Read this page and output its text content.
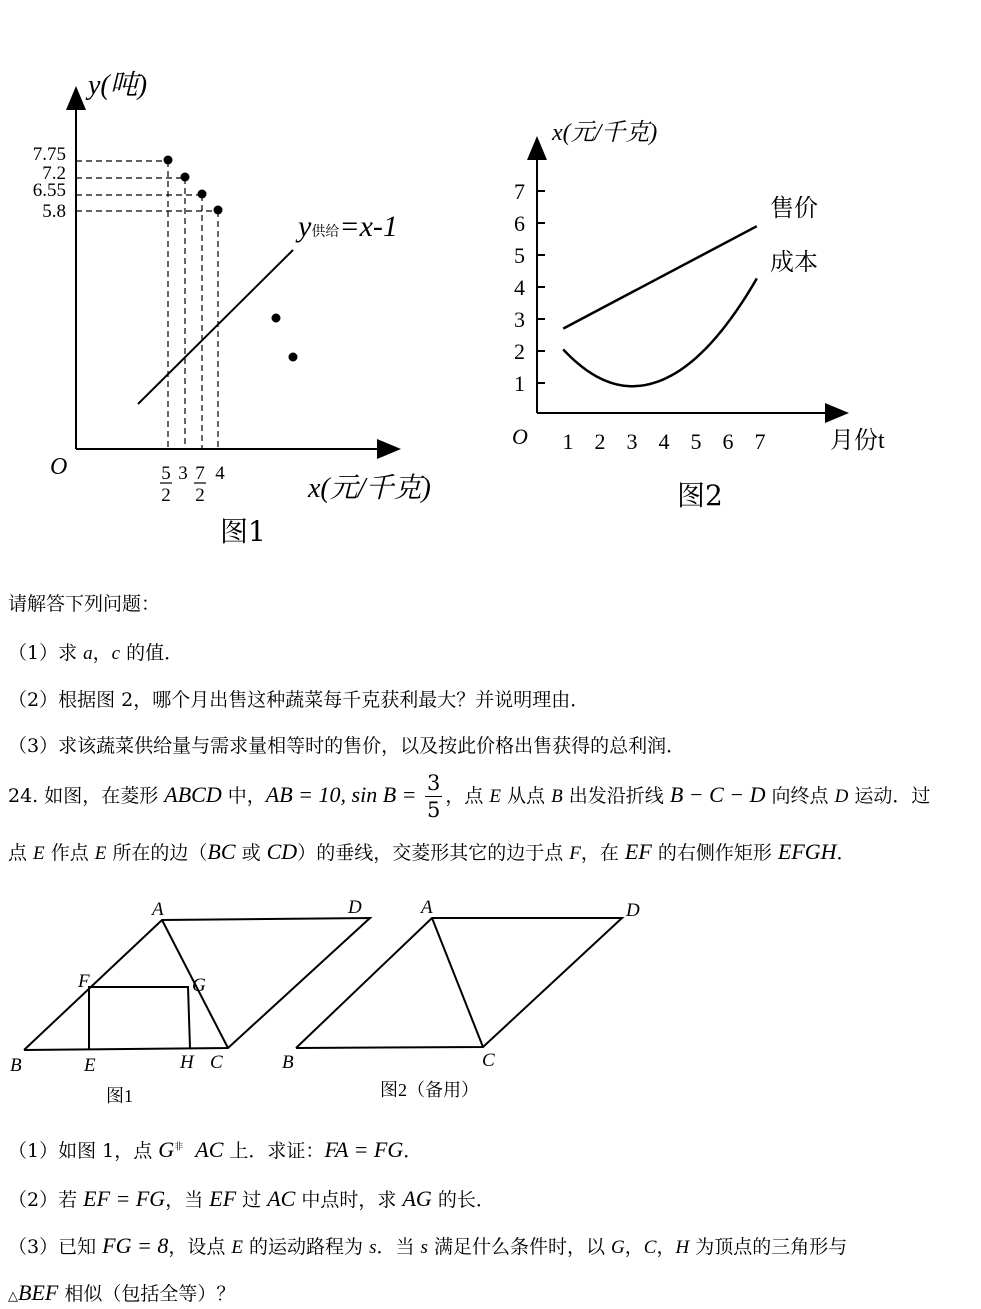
y(吨)
O
x(元/千克)
7.75
7.2
6.55
5.8
5
2
3 7
2
4
y供给=x-1
图1
x(元/千克)
O	月份t
1
2
3
4
5
6
7
1 2 3 4 5 6 7
售价
成本
图2
请解答下列问题：
（1）求 a，c 的值．
（2）根据图 2，哪个月出售这种蔬菜每千克获利最大？并说明理由．
（3）求该蔬菜供给量与需求量相等时的售价，以及按此价格出售获得的总利润．
24. 如图，在菱形 ABCD 中，AB = 10, $\sin B = \frac{3}{5}$ ，点 E 从点 B 出发沿折线 B − C − D 向终点 D 运动．过
点 E 作点 E 所在的边（BC 或 CD）的垂线，交菱形其它的边于点 F，在 EF 的右侧作矩形 EFGH．
A	D
F	G
B	E	H C
图1
A	D
B	C
图2（备用）
（1）如图 1，点 $G^非$ AC 上．求证：FA = FG．
（2）若 EF = FG，当 EF 过 AC 中点时，求 AG 的长．
（3）已知 FG = 8，设点 E 的运动路程为 s．当 s 满足什么条件时，以 G，C，H 为顶点的三角形与
△BEF 相似（包括全等）？
